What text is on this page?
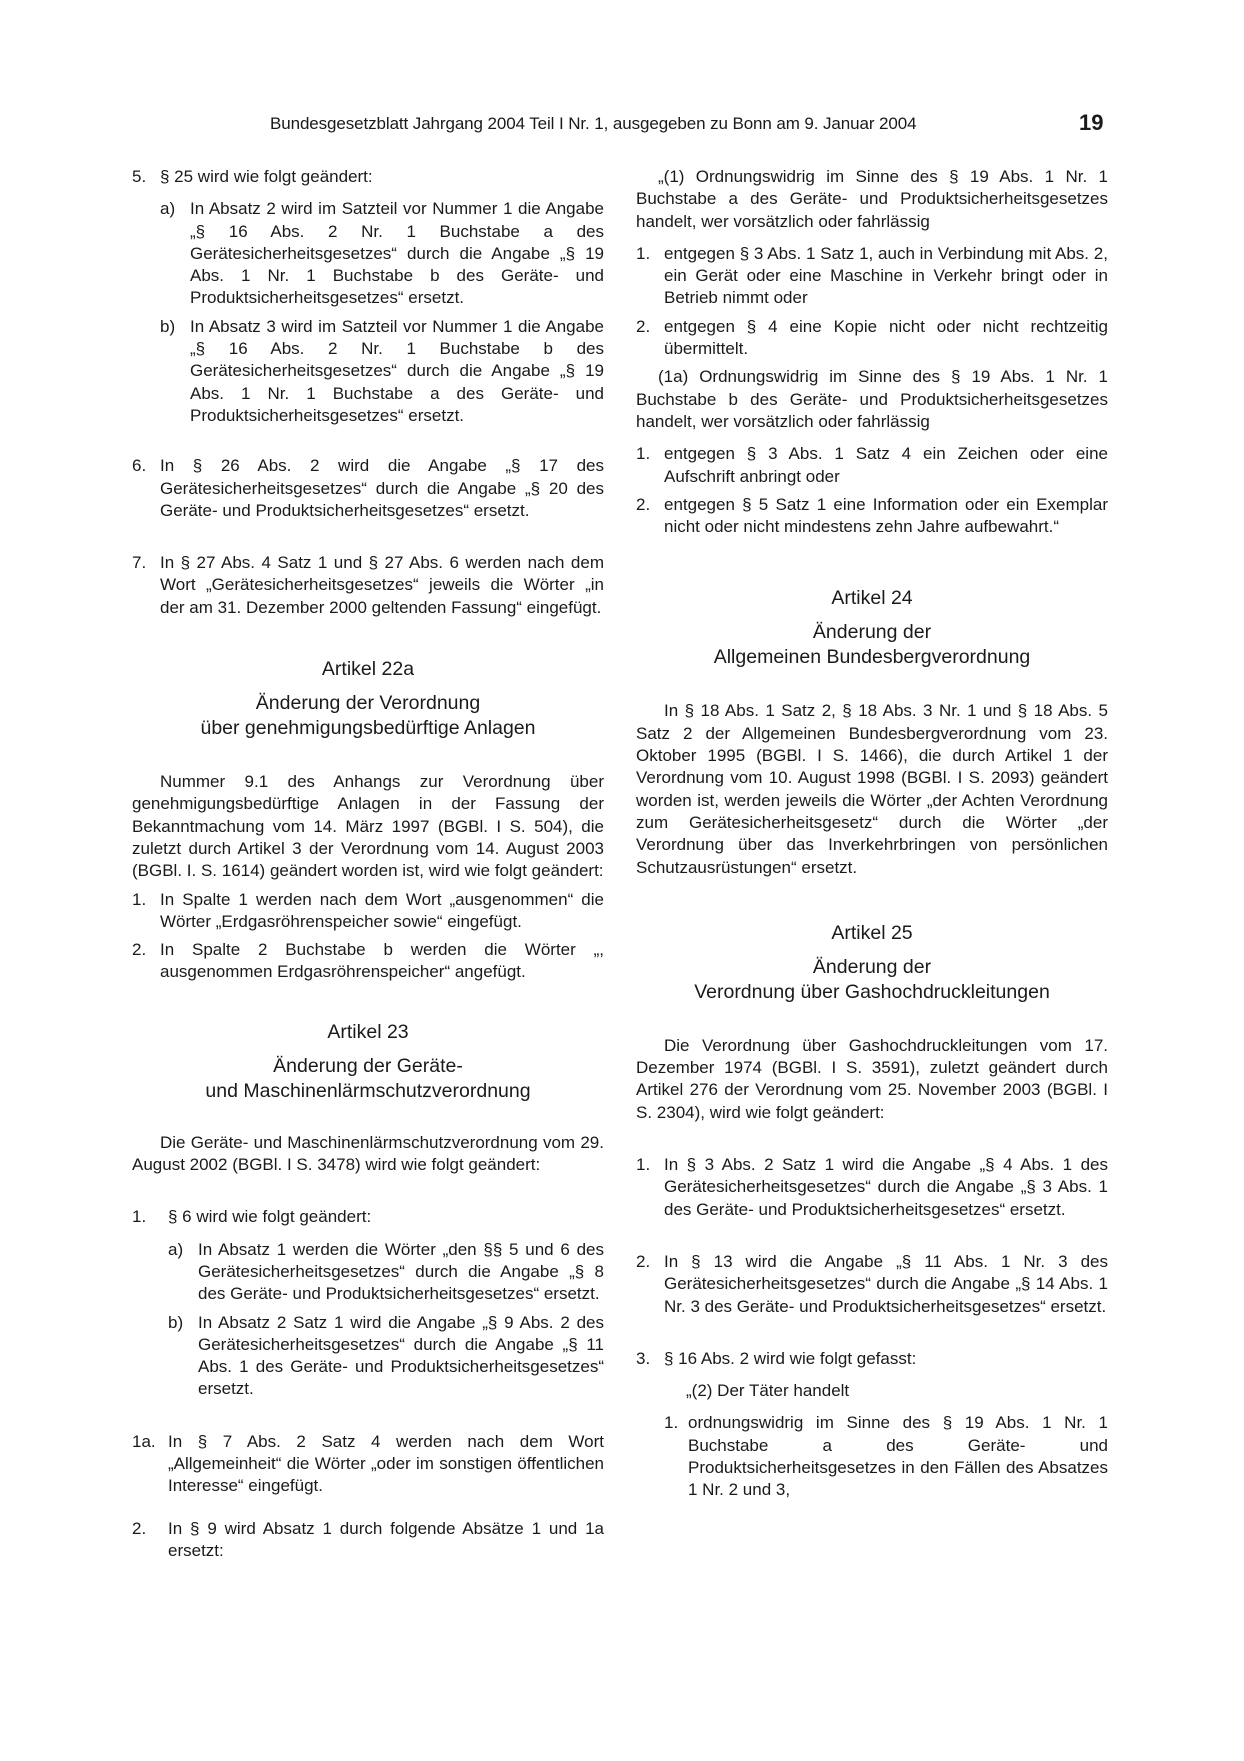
Bundesgesetzblatt Jahrgang 2004 Teil I Nr. 1, ausgegeben zu Bonn am 9. Januar 2004	19
5. § 25 wird wie folgt geändert:
a) In Absatz 2 wird im Satzteil vor Nummer 1 die Angabe „§ 16 Abs. 2 Nr. 1 Buchstabe a des Gerätesicherheitsgesetzes“ durch die Angabe „§ 19 Abs. 1 Nr. 1 Buchstabe b des Geräte- und Produktsicherheitsgesetzes“ ersetzt.
b) In Absatz 3 wird im Satzteil vor Nummer 1 die Angabe „§ 16 Abs. 2 Nr. 1 Buchstabe b des Gerätesicherheitsgesetzes“ durch die Angabe „§ 19 Abs. 1 Nr. 1 Buchstabe a des Geräte- und Produktsicherheitsgesetzes“ ersetzt.
6. In § 26 Abs. 2 wird die Angabe „§ 17 des Gerätesicherheitsgesetzes“ durch die Angabe „§ 20 des Geräte- und Produktsicherheitsgesetzes“ ersetzt.
7. In § 27 Abs. 4 Satz 1 und § 27 Abs. 6 werden nach dem Wort „Gerätesicherheitsgesetzes“ jeweils die Wörter „in der am 31. Dezember 2000 geltenden Fassung“ eingefügt.
Artikel 22a
Änderung der Verordnung
über genehmigungsbedürftige Anlagen
Nummer 9.1 des Anhangs zur Verordnung über genehmigungsbedürftige Anlagen in der Fassung der Bekanntmachung vom 14. März 1997 (BGBl. I S. 504), die zuletzt durch Artikel 3 der Verordnung vom 14. August 2003 (BGBl. I. S. 1614) geändert worden ist, wird wie folgt geändert:
1. In Spalte 1 werden nach dem Wort „ausgenommen“ die Wörter „Erdgasröhrenspeicher sowie“ eingefügt.
2. In Spalte 2 Buchstabe b werden die Wörter „, ausgenommen Erdgasröhrenspeicher“ angefügt.
Artikel 23
Änderung der Geräte-
und Maschinenlärmschutzverordnung
Die Geräte- und Maschinenlärmschutzverordnung vom 29. August 2002 (BGBl. I S. 3478) wird wie folgt geändert:
1.	§ 6 wird wie folgt geändert:
a) In Absatz 1 werden die Wörter „den §§ 5 und 6 des Gerätesicherheitsgesetzes“ durch die Angabe „§ 8 des Geräte- und Produktsicherheitsgesetzes“ ersetzt.
b) In Absatz 2 Satz 1 wird die Angabe „§ 9 Abs. 2 des Gerätesicherheitsgesetzes“ durch die Angabe „§ 11 Abs. 1 des Geräte- und Produktsicherheitsgesetzes“ ersetzt.
1a. In § 7 Abs. 2 Satz 4 werden nach dem Wort „Allgemeinheit“ die Wörter „oder im sonstigen öffentlichen Interesse“ eingefügt.
2.	In § 9 wird Absatz 1 durch folgende Absätze 1 und 1a ersetzt:
„(1) Ordnungswidrig im Sinne des § 19 Abs. 1 Nr. 1 Buchstabe a des Geräte- und Produktsicherheitsgesetzes handelt, wer vorsätzlich oder fahrlässig
1. entgegen § 3 Abs. 1 Satz 1, auch in Verbindung mit Abs. 2, ein Gerät oder eine Maschine in Verkehr bringt oder in Betrieb nimmt oder
2. entgegen § 4 eine Kopie nicht oder nicht rechtzeitig übermittelt.
(1a) Ordnungswidrig im Sinne des § 19 Abs. 1 Nr. 1 Buchstabe b des Geräte- und Produktsicherheitsgesetzes handelt, wer vorsätzlich oder fahrlässig
1. entgegen § 3 Abs. 1 Satz 4 ein Zeichen oder eine Aufschrift anbringt oder
2. entgegen § 5 Satz 1 eine Information oder ein Exemplar nicht oder nicht mindestens zehn Jahre aufbewahrt.“
Artikel 24
Änderung der
Allgemeinen Bundesbergverordnung
In § 18 Abs. 1 Satz 2, § 18 Abs. 3 Nr. 1 und § 18 Abs. 5 Satz 2 der Allgemeinen Bundesbergverordnung vom 23. Oktober 1995 (BGBl. I S. 1466), die durch Artikel 1 der Verordnung vom 10. August 1998 (BGBl. I S. 2093) geändert worden ist, werden jeweils die Wörter „der Achten Verordnung zum Gerätesicherheitsgesetz“ durch die Wörter „der Verordnung über das Inverkehrbringen von persönlichen Schutzausrüstungen“ ersetzt.
Artikel 25
Änderung der
Verordnung über Gashochdruckleitungen
Die Verordnung über Gashochdruckleitungen vom 17. Dezember 1974 (BGBl. I S. 3591), zuletzt geändert durch Artikel 276 der Verordnung vom 25. November 2003 (BGBl. I S. 2304), wird wie folgt geändert:
1. In § 3 Abs. 2 Satz 1 wird die Angabe „§ 4 Abs. 1 des Gerätesicherheitsgesetzes“ durch die Angabe „§ 3 Abs. 1 des Geräte- und Produktsicherheitsgesetzes“ ersetzt.
2. In § 13 wird die Angabe „§ 11 Abs. 1 Nr. 3 des Gerätesicherheitsgesetzes“ durch die Angabe „§ 14 Abs. 1 Nr. 3 des Geräte- und Produktsicherheitsgesetzes“ ersetzt.
3. § 16 Abs. 2 wird wie folgt gefasst:
„(2) Der Täter handelt
1. ordnungswidrig im Sinne des § 19 Abs. 1 Nr. 1 Buchstabe a des Geräte- und Produktsicherheitsgesetzes in den Fällen des Absatzes 1 Nr. 2 und 3,
